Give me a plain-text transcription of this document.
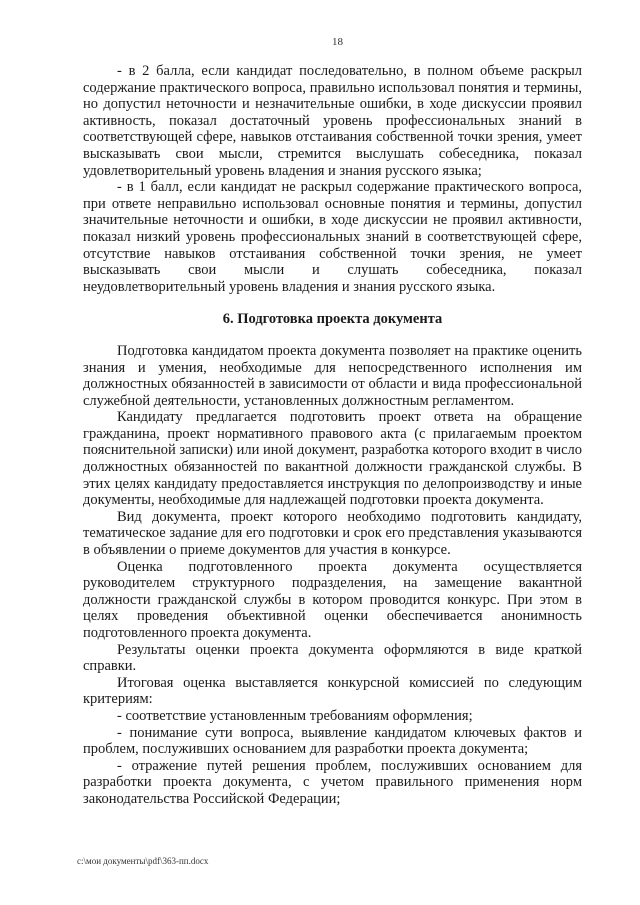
18

- в 2 балла, если кандидат последовательно, в полном объеме раскрыл содержание практического вопроса, правильно использовал понятия и термины, но допустил неточности и незначительные ошибки, в ходе дискуссии проявил активность, показал достаточный уровень профессиональных знаний в соответствующей сфере, навыков отстаивания собственной точки зрения, умеет высказывать свои мысли, стремится выслушать собеседника, показал удовлетворительный уровень владения и знания русского языка;

- в 1 балл, если кандидат не раскрыл содержание практического вопроса, при ответе неправильно использовал основные понятия и термины, допустил значительные неточности и ошибки, в ходе дискуссии не проявил активности, показал низкий уровень профессиональных знаний в соответствующей сфере, отсутствие навыков отстаивания собственной точки зрения, не умеет высказывать свои мысли и слушать собеседника, показал неудовлетворительный уровень владения и знания русского языка.

6. Подготовка проекта документа

Подготовка кандидатом проекта документа позволяет на практике оценить знания и умения, необходимые для непосредственного исполнения им должностных обязанностей в зависимости от области и вида профессиональной служебной деятельности, установленных должностным регламентом.

Кандидату предлагается подготовить проект ответа на обращение гражданина, проект нормативного правового акта (с прилагаемым проектом пояснительной записки) или иной документ, разработка которого входит в число должностных обязанностей по вакантной должности гражданской службы. В этих целях кандидату предоставляется инструкция по делопроизводству и иные документы, необходимые для надлежащей подготовки проекта документа.

Вид документа, проект которого необходимо подготовить кандидату, тематическое задание для его подготовки и срок его представления указываются в объявлении о приеме документов для участия в конкурсе.

Оценка подготовленного проекта документа осуществляется руководителем структурного подразделения, на замещение вакантной должности гражданской службы в котором проводится конкурс. При этом в целях проведения объективной оценки обеспечивается анонимность подготовленного проекта документа.

Результаты оценки проекта документа оформляются в виде краткой справки.

Итоговая оценка выставляется конкурсной комиссией по следующим критериям:

- соответствие установленным требованиям оформления;

- понимание сути вопроса, выявление кандидатом ключевых фактов и проблем, послуживших основанием для разработки проекта документа;

- отражение путей решения проблем, послуживших основанием для разработки проекта документа, с учетом правильного применения норм законодательства Российской Федерации;

c:\мои документы\pdf\363-пп.docx
